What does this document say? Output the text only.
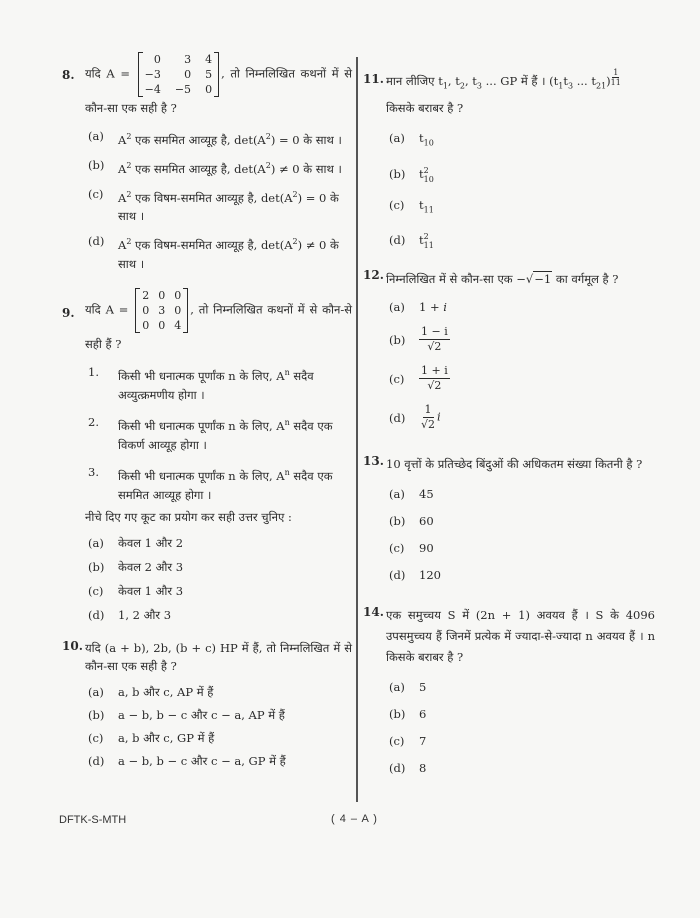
8. यदि A =
0	3 4
−3	0 5
−4 −5 0
, तो निम्नलिखित कथनों में से कौन-सा एक सही है ?
(a) $A^2$ एक सममित आव्यूह है, $\det(A^2) = 0$ के साथ ।
(b) $A^2$ एक सममित आव्यूह है, $\det(A^2) \ne 0$ के साथ ।
(c) $A^2$ एक विषम-सममित आव्यूह है, $\det(A^2) = 0$ के साथ ।
(d) $A^2$ एक विषम-सममित आव्यूह है, $\det(A^2) \ne 0$ के साथ ।
9. यदि A =
2 0 0
0 3 0
0 0 4
, तो निम्नलिखित कथनों में से कौन-से सही हैं ?
1. किसी भी धनात्मक पूर्णांक n के लिए, $A^n$ सदैव अव्युत्क्रमणीय होगा ।
2. किसी भी धनात्मक पूर्णांक n के लिए, $A^n$ सदैव एक विकर्ण आव्यूह होगा ।
3. किसी भी धनात्मक पूर्णांक n के लिए, $A^n$ सदैव एक सममित आव्यूह होगा ।
नीचे दिए गए कूट का प्रयोग कर सही उत्तर चुनिए :
(a) केवल 1 और 2
(b) केवल 2 और 3
(c) केवल 1 और 3
(d) 1, 2 और 3
10. यदि (a + b), 2b, (b + c) HP में हैं, तो निम्नलिखित में से कौन-सा एक सही है ?
(a) a, b और c, AP में हैं
(b) a − b, b − c और c − a, AP में हैं
(c) a, b और c, GP में हैं
(d) a − b, b − c और c − a, GP में हैं
11. मान लीजिए $t_1$, $t_2$, $t_3$ ... GP में हैं । ($t_1t_3$ ... $t_{21}) \frac{1}{11}$

किसके बराबर है ?
(a) $t_{10}$
(b) t 2
10
(c) $t_{11}$
(d) t 2
11
12. निम्नलिखित में से कौन-सा एक −√−1 का वर्गमूल है ?
(a) 1 + i
$(b) \frac{1 - i}{√2}$
$(c) \frac{1 + i}{√2}$
$(d) \frac{1}{√2}$ i
13. 10 वृत्तों के प्रतिच्छेद बिंदुओं की अधिकतम संख्या कितनी है ?
(a) 45
(b) 60
(c) 90
(d) 120
14. एक समुच्चय S में (2n + 1) अवयव हैं । S के 4096 उपसमुच्चय हैं जिनमें प्रत्येक में ज्यादा-से-ज्यादा n अवयव हैं । n किसके बराबर है ?
(a) 5
(b) 6
(c) 7
(d) 8
DFTK-S-MTH	( 4 – A )
